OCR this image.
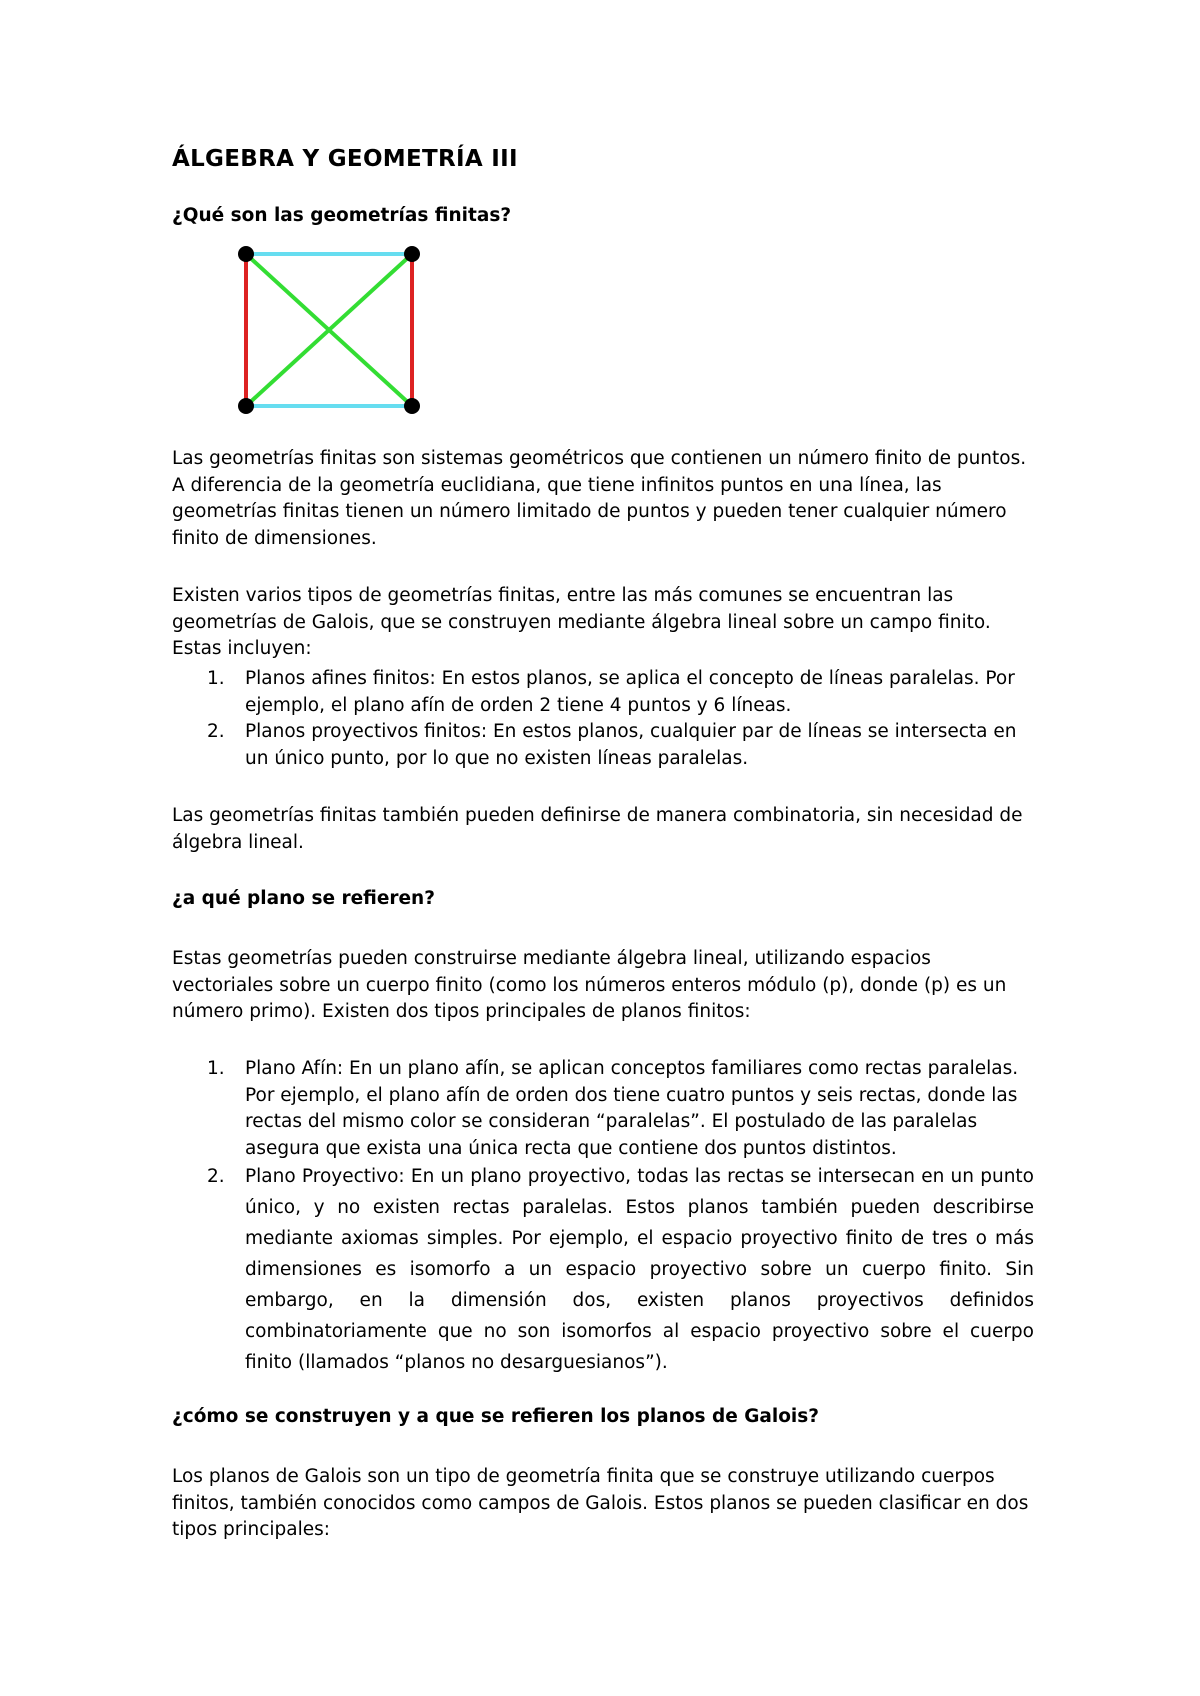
ÁLGEBRA Y GEOMETRÍA III
¿Qué son las geometrías finitas?

Las geometrías finitas son sistemas geométricos que contienen un número finito de puntos. A diferencia de la geometría euclidiana, que tiene infinitos puntos en una línea, las geometrías finitas tienen un número limitado de puntos y pueden tener cualquier número finito de dimensiones.

Existen varios tipos de geometrías finitas, entre las más comunes se encuentran las geometrías de Galois, que se construyen mediante álgebra lineal sobre un campo finito. Estas incluyen:

1. Planos afines finitos: En estos planos, se aplica el concepto de líneas paralelas. Por ejemplo, el plano afín de orden 2 tiene 4 puntos y 6 líneas.
2. Planos proyectivos finitos: En estos planos, cualquier par de líneas se intersecta en un único punto, por lo que no existen líneas paralelas.

Las geometrías finitas también pueden definirse de manera combinatoria, sin necesidad de álgebra lineal.

¿a qué plano se refieren?

Estas geometrías pueden construirse mediante álgebra lineal, utilizando espacios vectoriales sobre un cuerpo finito (como los números enteros módulo (p), donde (p) es un número primo). Existen dos tipos principales de planos finitos:

1. Plano Afín: En un plano afín, se aplican conceptos familiares como rectas paralelas. Por ejemplo, el plano afín de orden dos tiene cuatro puntos y seis rectas, donde las rectas del mismo color se consideran “paralelas”. El postulado de las paralelas asegura que exista una única recta que contiene dos puntos distintos.
2. Plano Proyectivo: En un plano proyectivo, todas las rectas se intersecan en un punto único, y no existen rectas paralelas. Estos planos también pueden describirse mediante axiomas simples. Por ejemplo, el espacio proyectivo finito de tres o más dimensiones es isomorfo a un espacio proyectivo sobre un cuerpo finito. Sin embargo, en la dimensión dos, existen planos proyectivos definidos combinatoriamente que no son isomorfos al espacio proyectivo sobre el cuerpo finito (llamados “planos no desarguesianos”).
¿cómo se construyen y a que se refieren los planos de Galois?

Los planos de Galois son un tipo de geometría finita que se construye utilizando cuerpos finitos, también conocidos como campos de Galois. Estos planos se pueden clasificar en dos tipos principales:
